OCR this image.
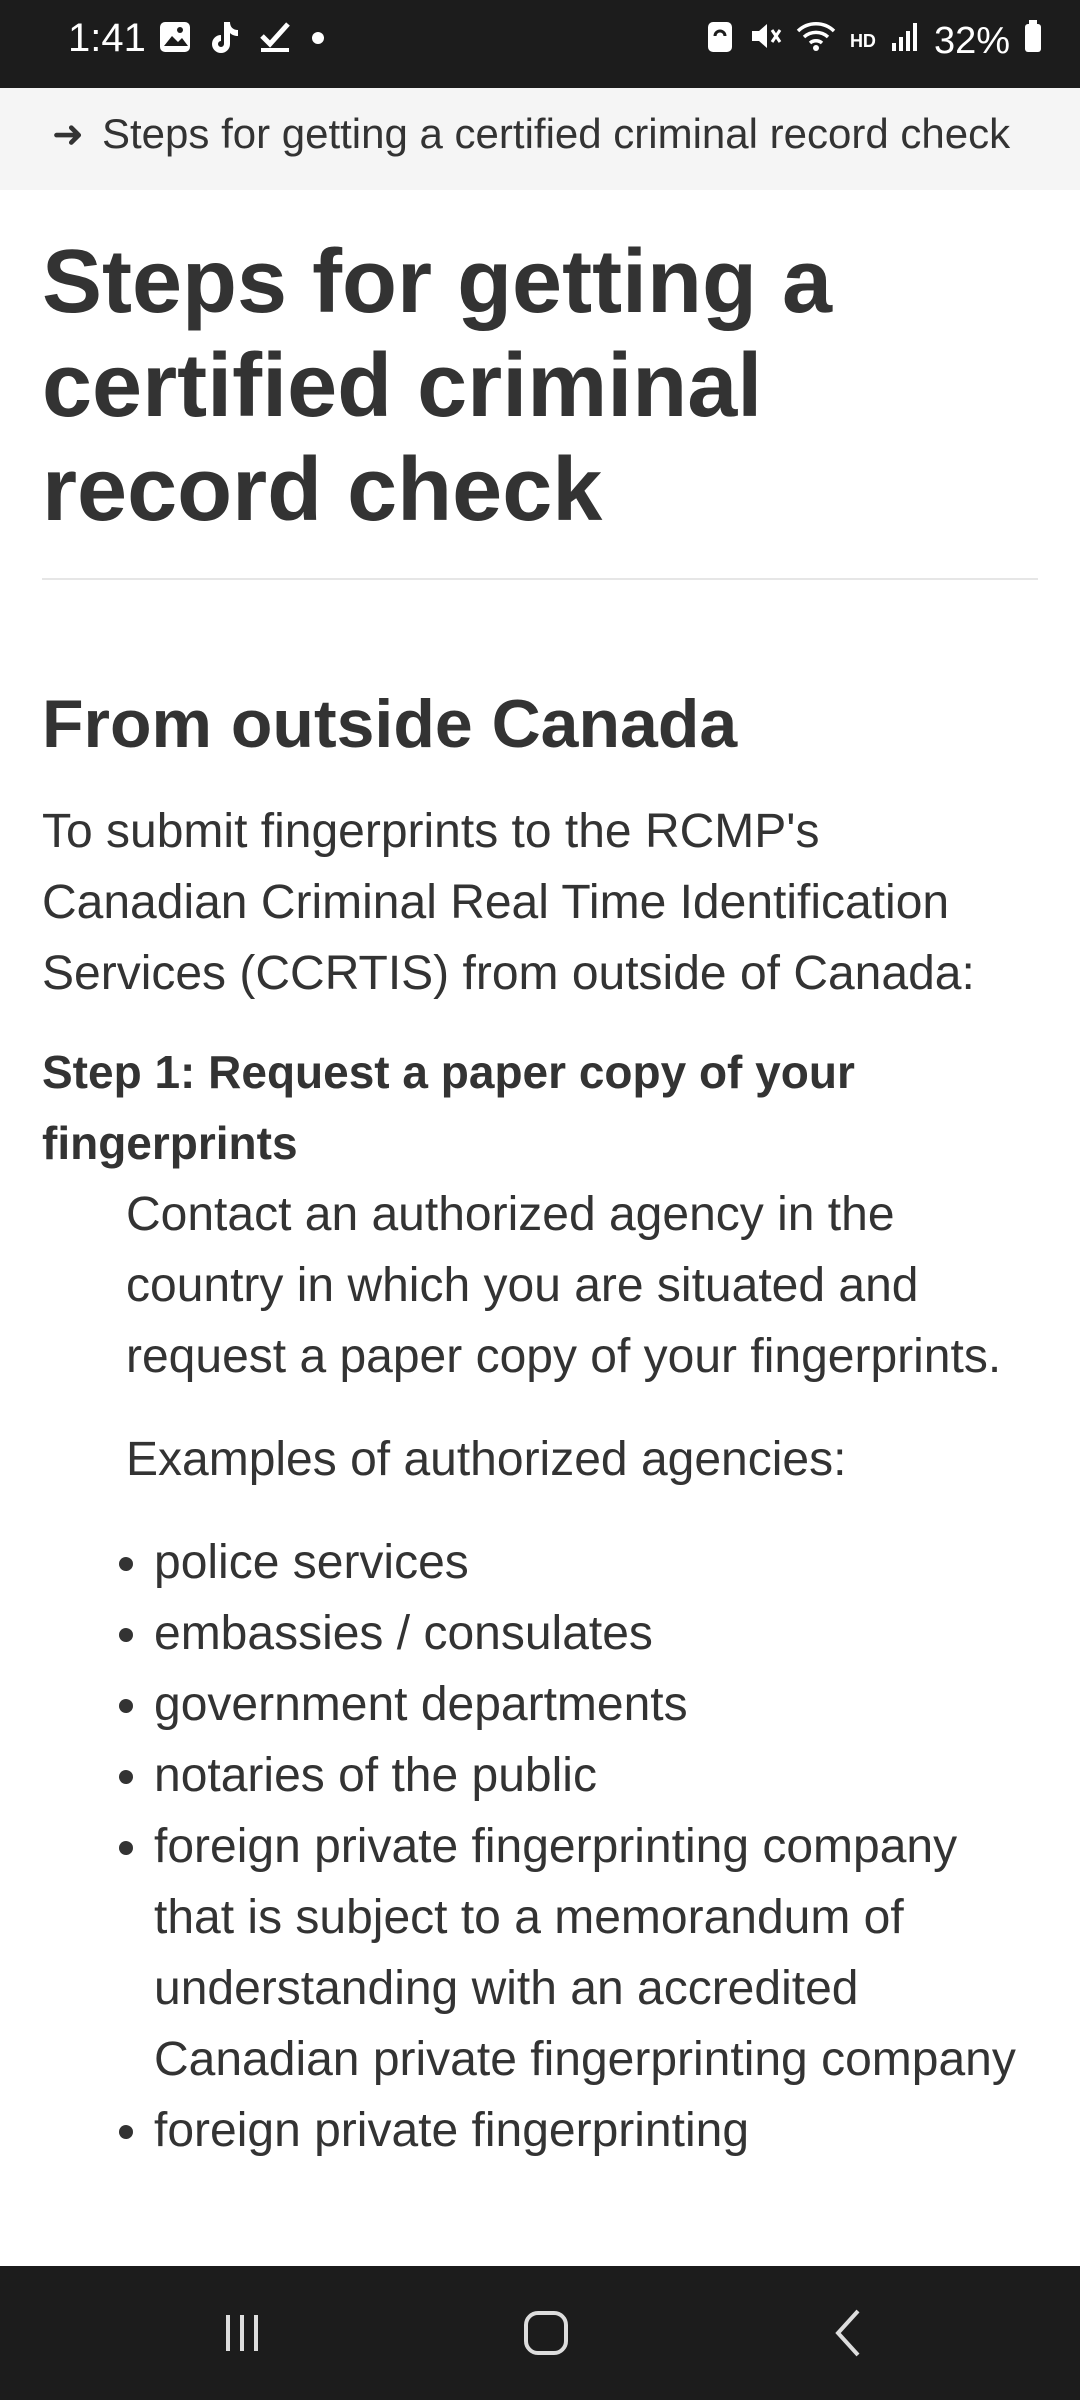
1:41	HD 32%
➜ Steps for getting a certified criminal record check
Steps for getting a certified criminal record check
From outside Canada

To submit fingerprints to the RCMP's Canadian Criminal Real Time Identification Services (CCRTIS) from outside of Canada:

Step 1: Request a paper copy of your fingerprints

Contact an authorized agency in the country in which you are situated and request a paper copy of your fingerprints.

Examples of authorized agencies:

• police services
• embassies / consulates
• government departments
• notaries of the public
• foreign private fingerprinting company that is subject to a memorandum of understanding with an accredited Canadian private fingerprinting company
• foreign private fingerprinting
